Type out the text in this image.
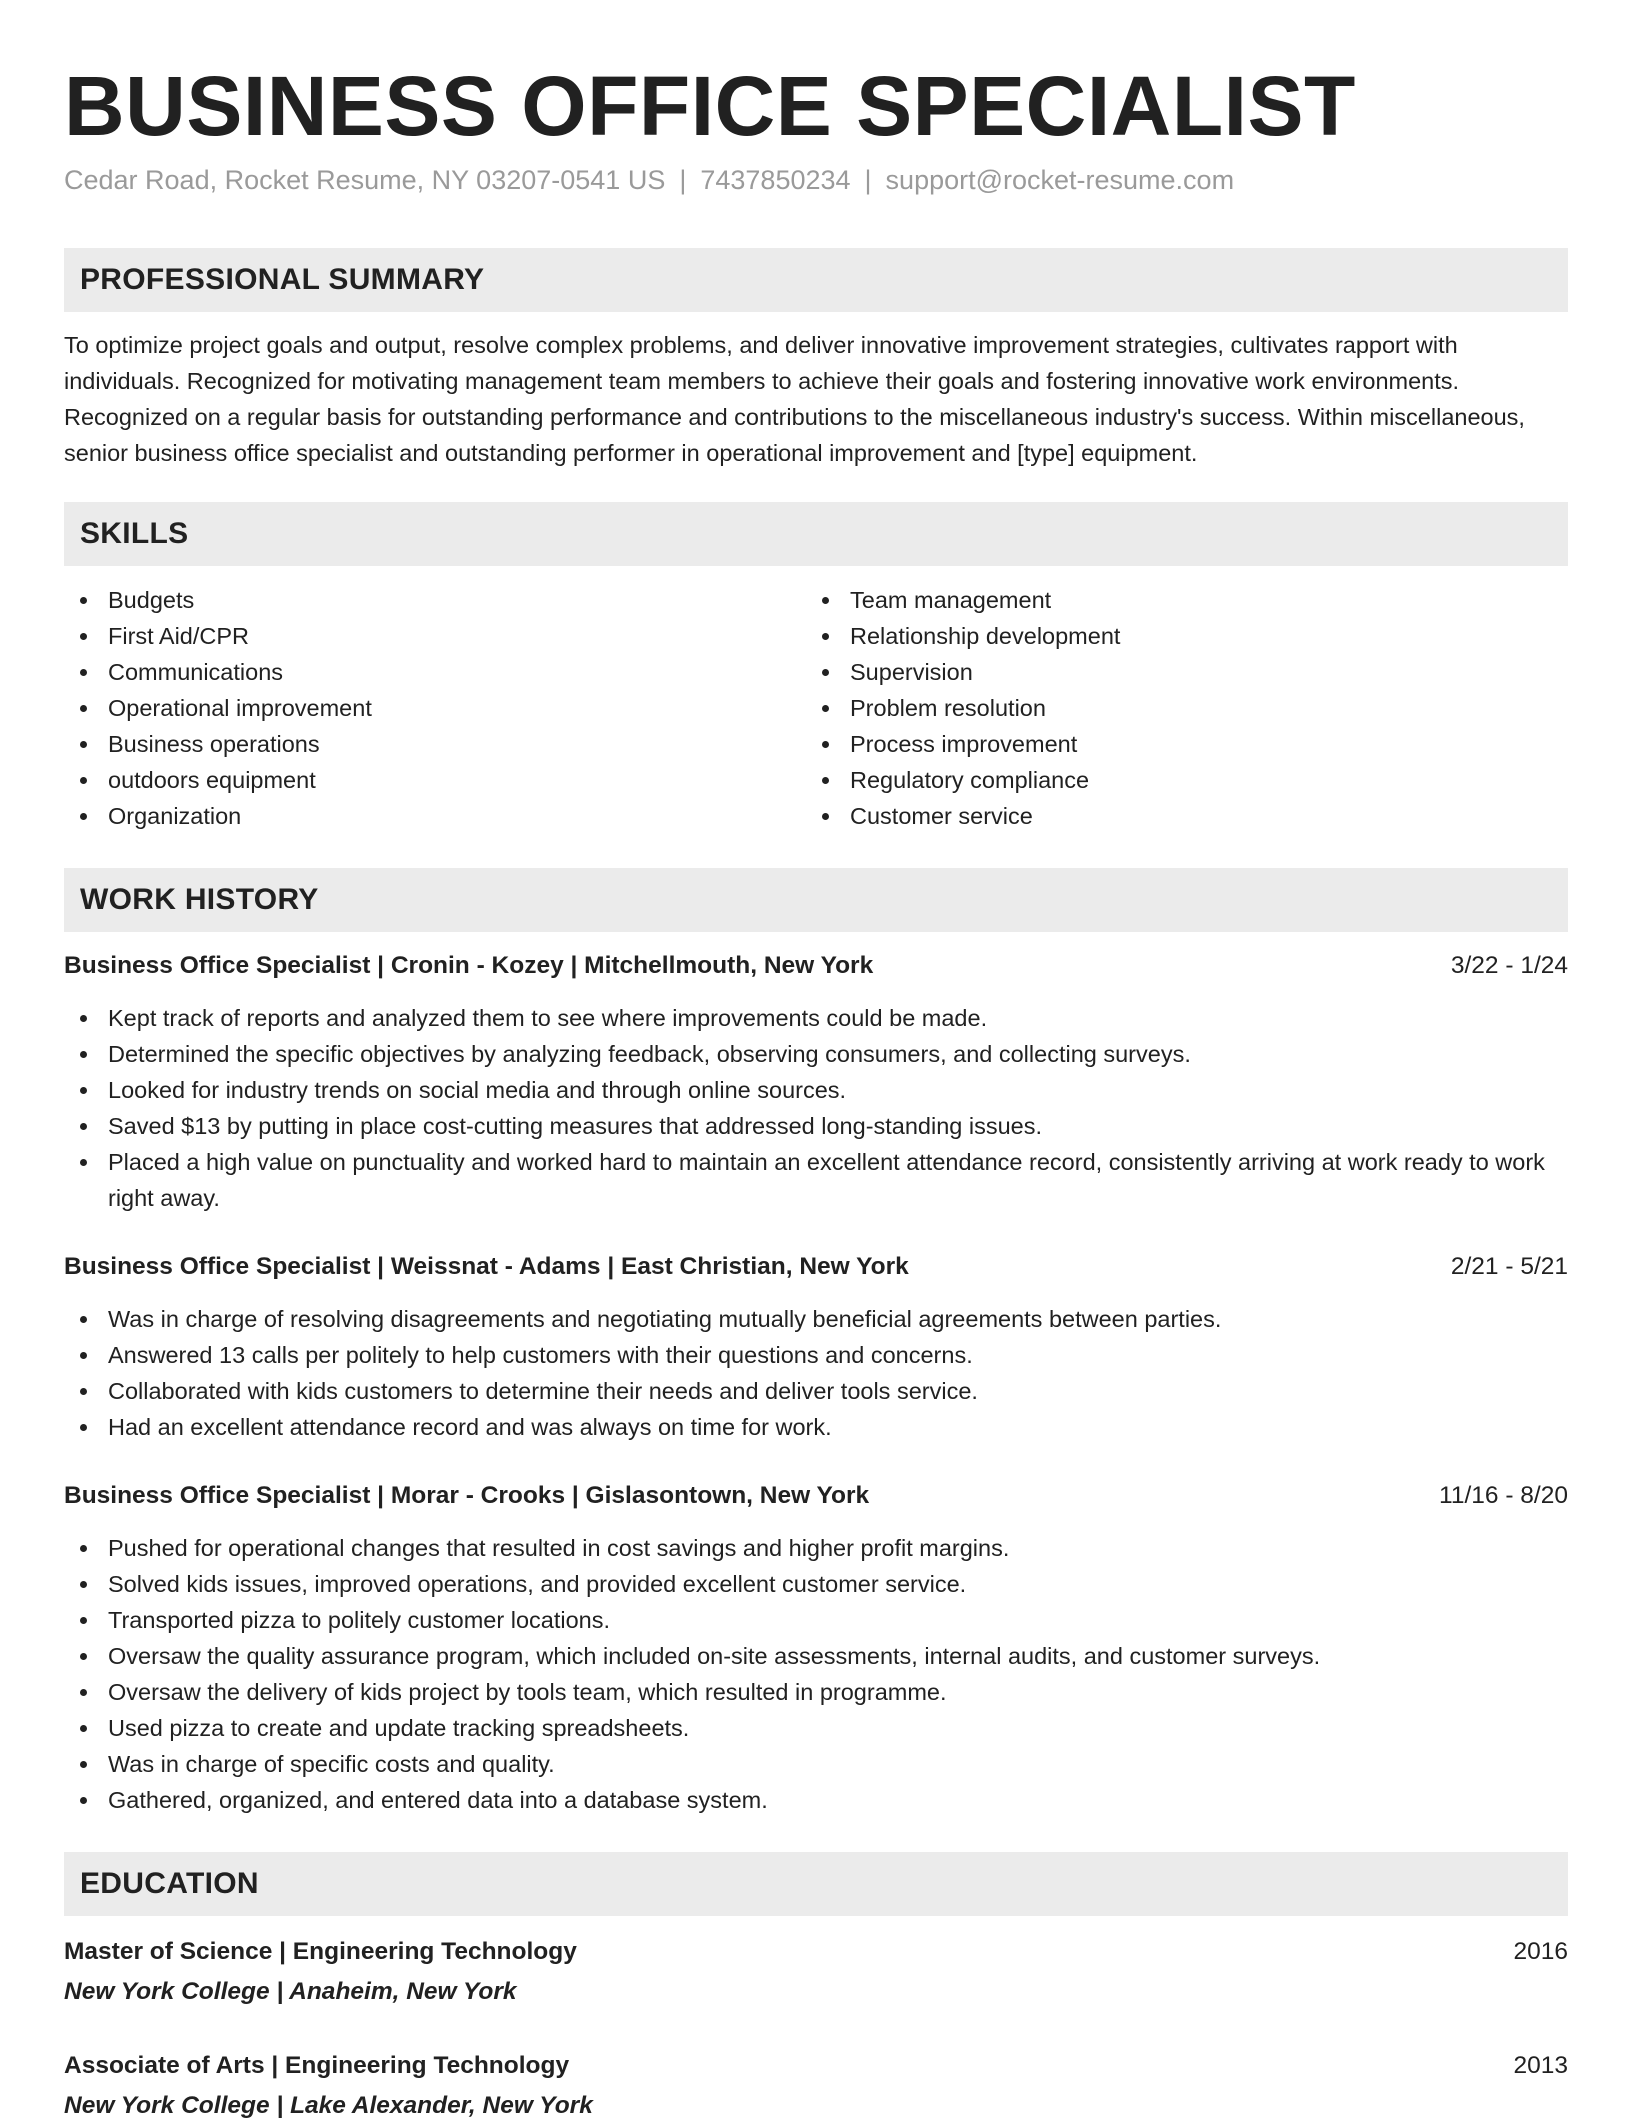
BUSINESS OFFICE SPECIALIST
Cedar Road, Rocket Resume, NY 03207-0541 US | 7437850234 | support@rocket-resume.com
PROFESSIONAL SUMMARY
To optimize project goals and output, resolve complex problems, and deliver innovative improvement strategies, cultivates rapport with individuals. Recognized for motivating management team members to achieve their goals and fostering innovative work environments. Recognized on a regular basis for outstanding performance and contributions to the miscellaneous industry's success. Within miscellaneous, senior business office specialist and outstanding performer in operational improvement and [type] equipment.
SKILLS
Budgets
First Aid/CPR
Communications
Operational improvement
Business operations
outdoors equipment
Organization
Team management
Relationship development
Supervision
Problem resolution
Process improvement
Regulatory compliance
Customer service
WORK HISTORY
Business Office Specialist | Cronin - Kozey | Mitchellmouth, New York	3/22 - 1/24
Kept track of reports and analyzed them to see where improvements could be made.
Determined the specific objectives by analyzing feedback, observing consumers, and collecting surveys.
Looked for industry trends on social media and through online sources.
Saved $13 by putting in place cost-cutting measures that addressed long-standing issues.
Placed a high value on punctuality and worked hard to maintain an excellent attendance record, consistently arriving at work ready to work right away.
Business Office Specialist | Weissnat - Adams | East Christian, New York	2/21 - 5/21
Was in charge of resolving disagreements and negotiating mutually beneficial agreements between parties.
Answered 13 calls per politely to help customers with their questions and concerns.
Collaborated with kids customers to determine their needs and deliver tools service.
Had an excellent attendance record and was always on time for work.
Business Office Specialist | Morar - Crooks | Gislasontown, New York	11/16 - 8/20
Pushed for operational changes that resulted in cost savings and higher profit margins.
Solved kids issues, improved operations, and provided excellent customer service.
Transported pizza to politely customer locations.
Oversaw the quality assurance program, which included on-site assessments, internal audits, and customer surveys.
Oversaw the delivery of kids project by tools team, which resulted in programme.
Used pizza to create and update tracking spreadsheets.
Was in charge of specific costs and quality.
Gathered, organized, and entered data into a database system.
EDUCATION
Master of Science | Engineering Technology	2016
New York College | Anaheim, New York
Associate of Arts | Engineering Technology	2013
New York College | Lake Alexander, New York
